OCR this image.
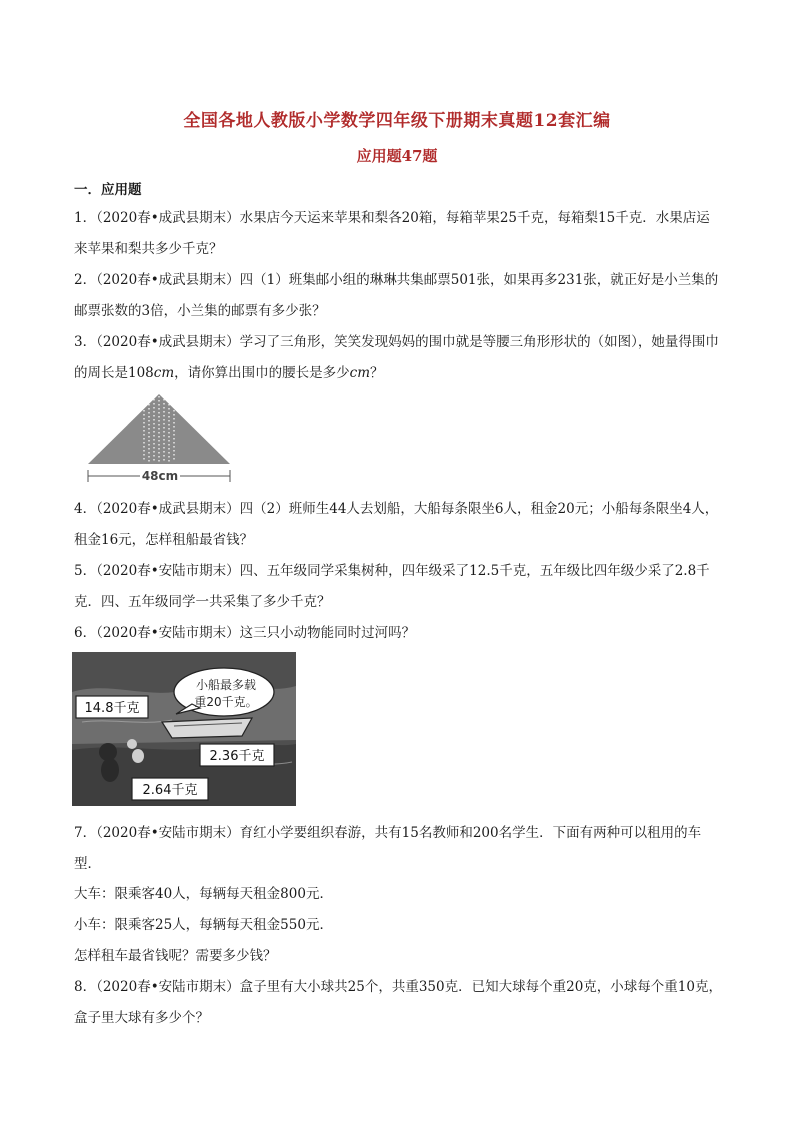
全国各地人教版小学数学四年级下册期末真题12套汇编
应用题47题
一．应用题
1．（2020春•成武县期末）水果店今天运来苹果和梨各20箱，每箱苹果25千克，每箱梨15千克．水果店运来苹果和梨共多少千克？
2．（2020春•成武县期末）四（1）班集邮小组的琳琳共集邮票501张，如果再多231张，就正好是小兰集的邮票张数的3倍，小兰集的邮票有多少张？
3．（2020春•成武县期末）学习了三角形，笑笑发现妈妈的围巾就是等腰三角形形状的（如图），她量得围巾的周长是108cm，请你算出围巾的腰长是多少cm？
48cm
4．（2020春•成武县期末）四（2）班师生44人去划船，大船每条限坐6人，租金20元；小船每条限坐4人，租金16元，怎样租船最省钱？
5．（2020春•安陆市期末）四、五年级同学采集树种，四年级采了12.5千克，五年级比四年级少采了2.8千克．四、五年级同学一共采集了多少千克？
6．（2020春•安陆市期末）这三只小动物能同时过河吗？
小船最多载
重20千克。
14.8千克
2.36千克
2.64千克
7．（2020春•安陆市期末）育红小学要组织春游，共有15名教师和200名学生．下面有两种可以租用的车型．
大车：限乘客40人，每辆每天租金800元．
小车：限乘客25人，每辆每天租金550元．
怎样租车最省钱呢？需要多少钱？
8．（2020春•安陆市期末）盒子里有大小球共25个，共重350克．已知大球每个重20克，小球每个重10克，盒子里大球有多少个？
